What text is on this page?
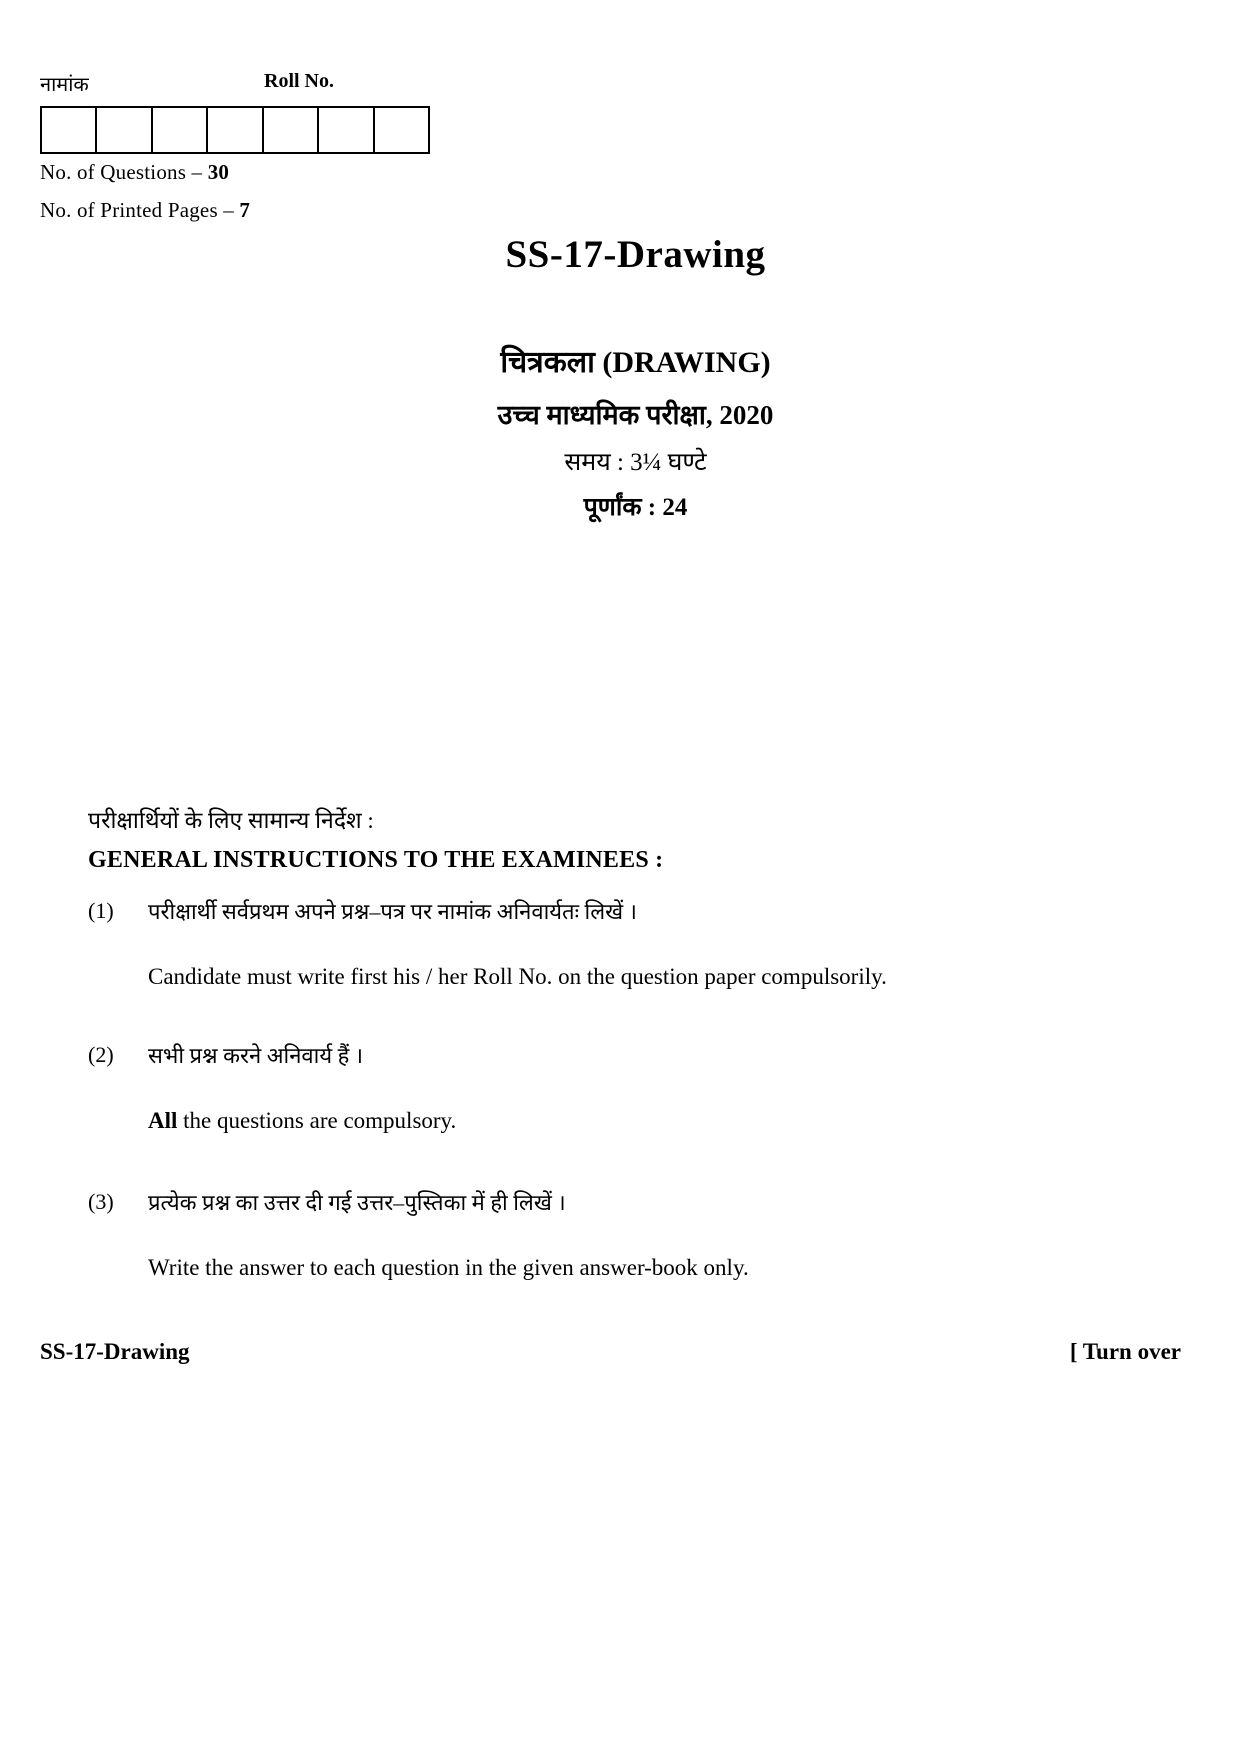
नामांक	Roll No.
No. of Questions – 30
No. of Printed Pages – 7
SS-17-Drawing
चित्रकला (DRAWING)
उच्च माध्यमिक परीक्षा, 2020
समय : 3¼ घण्टे
पूर्णांक : 24
परीक्षार्थियों के लिए सामान्य निर्देश :
GENERAL INSTRUCTIONS TO THE EXAMINEES :
(1) परीक्षार्थी सर्वप्रथम अपने प्रश्न–पत्र पर नामांक अनिवार्यतः लिखें ।
Candidate must write first his / her Roll No. on the question paper compulsorily.
(2) सभी प्रश्न करने अनिवार्य हैं ।
All the questions are compulsory.
(3) प्रत्येक प्रश्न का उत्तर दी गई उत्तर–पुस्तिका में ही लिखें ।
Write the answer to each question in the given answer-book only.
SS-17-Drawing	[ Turn over
